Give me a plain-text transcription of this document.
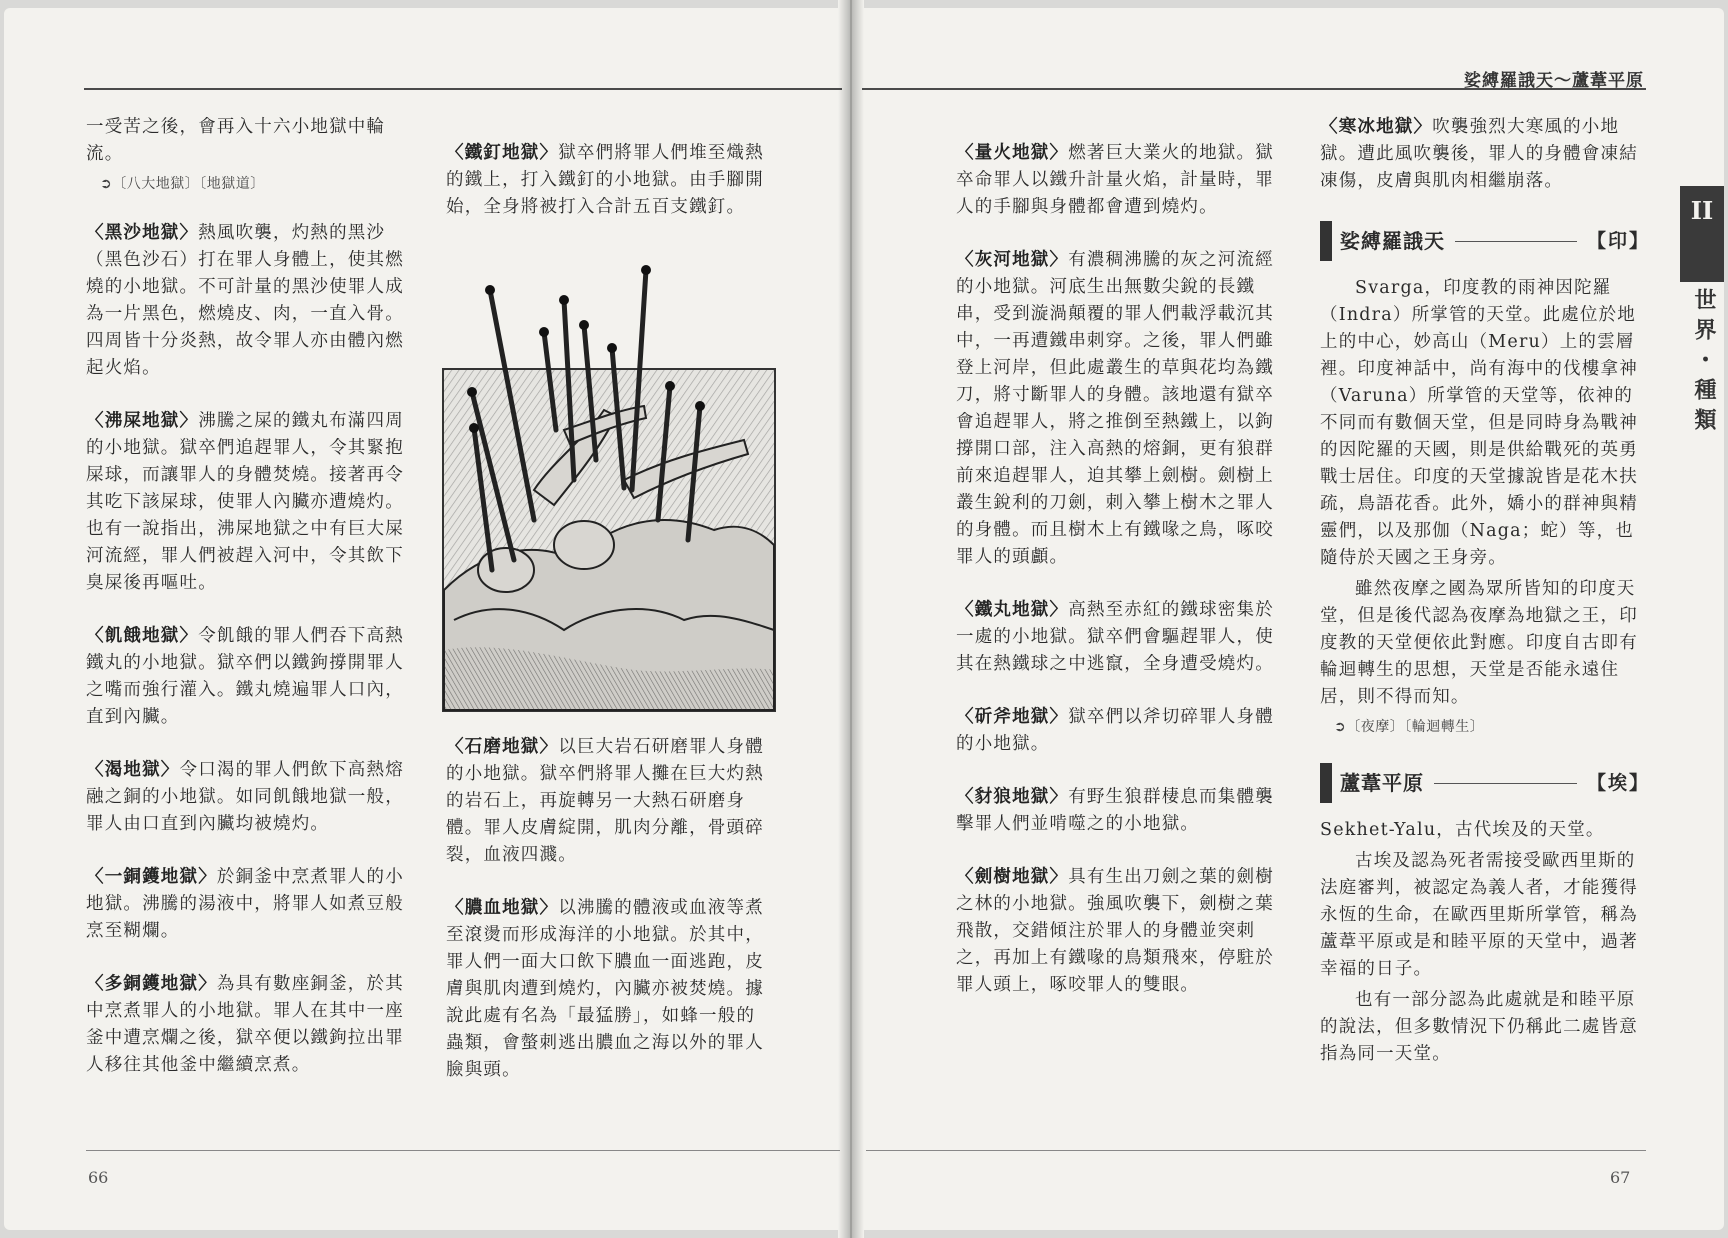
娑縛羅誐天～蘆葦平原
66	67
II
世界・種類

一受苦之後，會再入十六小地獄中輪流。

➲〔八大地獄〕〔地獄道〕

〈黑沙地獄〉熱風吹襲，灼熱的黑沙（黑色沙石）打在罪人身體上，使其燃燒的小地獄。不可計量的黑沙使罪人成為一片黑色，燃燒皮、肉，一直入骨。四周皆十分炎熱，故令罪人亦由體內燃起火焰。

〈沸屎地獄〉沸騰之屎的鐵丸布滿四周的小地獄。獄卒們追趕罪人，令其緊抱屎球，而讓罪人的身體焚燒。接著再令其吃下該屎球，使罪人內臟亦遭燒灼。也有一說指出，沸屎地獄之中有巨大屎河流經，罪人們被趕入河中，令其飲下臭屎後再嘔吐。

〈飢餓地獄〉令飢餓的罪人們吞下高熱鐵丸的小地獄。獄卒們以鐵鉤撐開罪人之嘴而強行灌入。鐵丸燒遍罪人口內，直到內臟。

〈渴地獄〉令口渴的罪人們飲下高熱熔融之銅的小地獄。如同飢餓地獄一般，罪人由口直到內臟均被燒灼。

〈一銅鑊地獄〉於銅釜中烹煮罪人的小地獄。沸騰的湯液中，將罪人如煮豆般烹至糊爛。

〈多銅鑊地獄〉為具有數座銅釜，於其中烹煮罪人的小地獄。罪人在其中一座釜中遭烹爛之後，獄卒便以鐵鉤拉出罪人移往其他釜中繼續烹煮。

〈鐵釘地獄〉獄卒們將罪人們堆至熾熱的鐵上，打入鐵釘的小地獄。由手腳開始，全身將被打入合計五百支鐵釘。

〈石磨地獄〉以巨大岩石研磨罪人身體的小地獄。獄卒們將罪人攤在巨大灼熱的岩石上，再旋轉另一大熱石研磨身體。罪人皮膚綻開，肌肉分離，骨頭碎裂，血液四濺。

〈膿血地獄〉以沸騰的體液或血液等煮至滾燙而形成海洋的小地獄。於其中，罪人們一面大口飲下膿血一面逃跑，皮膚與肌肉遭到燒灼，內臟亦被焚燒。據說此處有名為「最猛勝」，如蜂一般的蟲類，會螫刺逃出膿血之海以外的罪人臉與頭。

〈量火地獄〉燃著巨大業火的地獄。獄卒命罪人以鐵升計量火焰，計量時，罪人的手腳與身體都會遭到燒灼。

〈灰河地獄〉有濃稠沸騰的灰之河流經的小地獄。河底生出無數尖銳的長鐵串，受到漩渦顛覆的罪人們載浮載沉其中，一再遭鐵串刺穿。之後，罪人們雖登上河岸，但此處叢生的草與花均為鐵刀，將寸斷罪人的身體。該地還有獄卒會追趕罪人，將之推倒至熱鐵上，以鉤撐開口部，注入高熱的熔銅，更有狼群前來追趕罪人，迫其攀上劍樹。劍樹上叢生銳利的刀劍，刺入攀上樹木之罪人的身體。而且樹木上有鐵喙之鳥，啄咬罪人的頭顱。

〈鐵丸地獄〉高熱至赤紅的鐵球密集於一處的小地獄。獄卒們會驅趕罪人，使其在熱鐵球之中逃竄，全身遭受燒灼。

〈斫斧地獄〉獄卒們以斧切碎罪人身體的小地獄。

〈豺狼地獄〉有野生狼群棲息而集體襲擊罪人們並啃噬之的小地獄。

〈劍樹地獄〉具有生出刀劍之葉的劍樹之林的小地獄。強風吹襲下，劍樹之葉飛散，交錯傾注於罪人的身體並突刺之，再加上有鐵喙的鳥類飛來，停駐於罪人頭上，啄咬罪人的雙眼。

〈寒冰地獄〉吹襲強烈大寒風的小地獄。遭此風吹襲後，罪人的身體會凍結凍傷，皮膚與肌肉相繼崩落。

娑縛羅誐天	【印】

Svarga，印度教的雨神因陀羅（Indra）所掌管的天堂。此處位於地上的中心，妙高山（Meru）上的雲層裡。印度神話中，尚有海中的伐樓拿神（Varuna）所掌管的天堂等，依神的不同而有數個天堂，但是同時身為戰神的因陀羅的天國，則是供給戰死的英勇戰士居住。印度的天堂據說皆是花木扶疏，鳥語花香。此外，嬌小的群神與精靈們，以及那伽（Naga；蛇）等，也隨侍於天國之王身旁。

雖然夜摩之國為眾所皆知的印度天堂，但是後代認為夜摩為地獄之王，印度教的天堂便依此對應。印度自古即有輪迴轉生的思想，天堂是否能永遠住居，則不得而知。

➲〔夜摩〕〔輪迴轉生〕

蘆葦平原	【埃】

Sekhet-Yalu，古代埃及的天堂。

古埃及認為死者需接受歐西里斯的法庭審判，被認定為義人者，才能獲得永恆的生命，在歐西里斯所掌管，稱為蘆葦平原或是和睦平原的天堂中，過著幸福的日子。

也有一部分認為此處就是和睦平原的說法，但多數情況下仍稱此二處皆意指為同一天堂。
